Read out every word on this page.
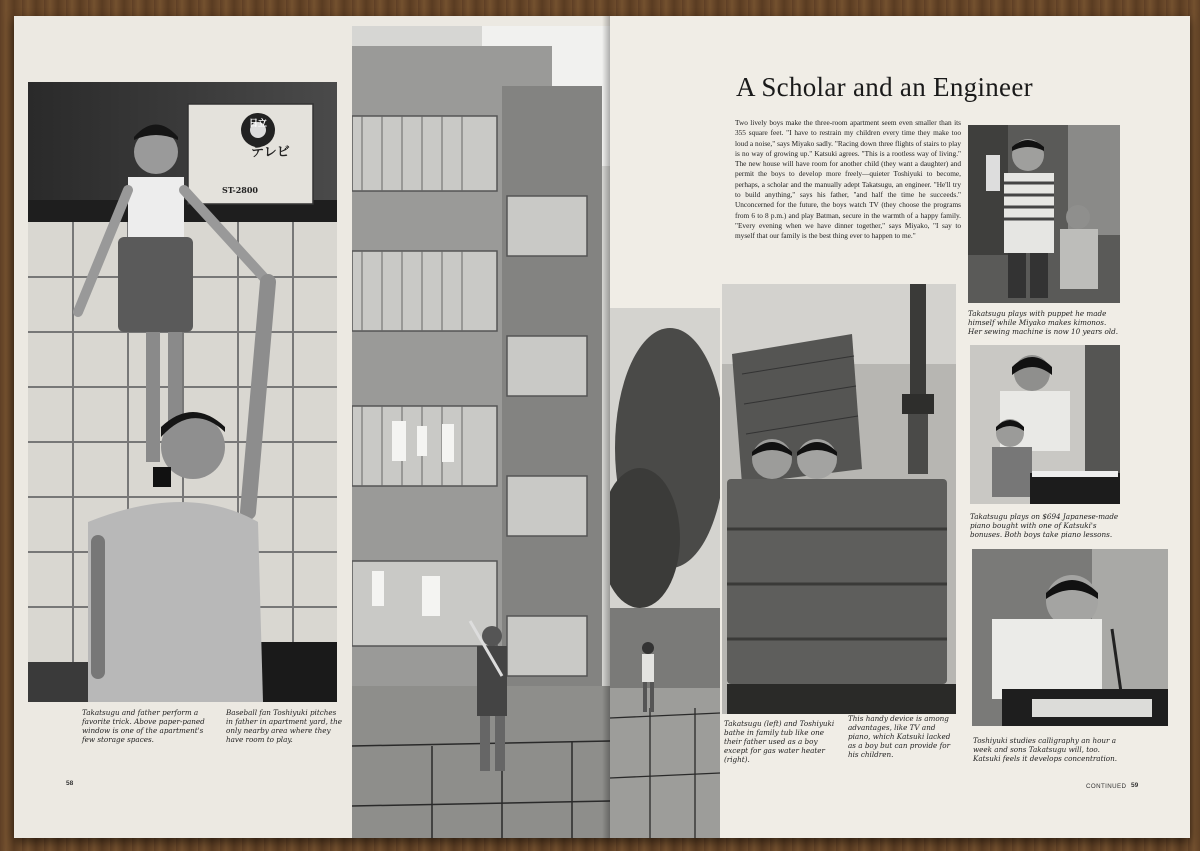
日立
テレビ
ST-2800
Takatsugu and father perform a favorite trick. Above paper-paned window is one of the apartment's few storage spaces.
Baseball fan Toshiyuki pitches in father in apartment yard, the only nearby area where they have room to play.
58
A Scholar and an Engineer
Two lively boys make the three-room apartment seem even smaller than its 355 square feet. "I have to restrain my children every time they make too loud a noise," says Miyako sadly. "Racing down three flights of stairs to play is no way of growing up." Katsuki agrees. "This is a rootless way of living." The new house will have room for another child (they want a daughter) and permit the boys to develop more freely—quieter Toshiyuki to become, perhaps, a scholar and the manually adept Takatsugu, an engineer. "He'll try to build anything," says his father, "and half the time he succeeds." Unconcerned for the future, the boys watch TV (they choose the programs from 6 to 8 p.m.) and play Batman, secure in the warmth of a happy family. "Every evening when we have dinner together," says Miyako, "I say to myself that our family is the best thing ever to happen to me."
Takatsugu plays with puppet he made himself while Miyako makes kimonos. Her sewing machine is now 10 years old.
Takatsugu plays on $694 Japanese-made piano bought with one of Katsuki's bonuses. Both boys take piano lessons.
Takatsugu (left) and Toshiyuki bathe in family tub like one their father used as a boy except for gas water heater (right).
This handy device is among advantages, like TV and piano, which Katsuki lacked as a boy but can provide for his children.
Toshiyuki studies calligraphy an hour a week and sons Takatsugu will, too. Katsuki feels it develops concentration.
CONTINUED 59
